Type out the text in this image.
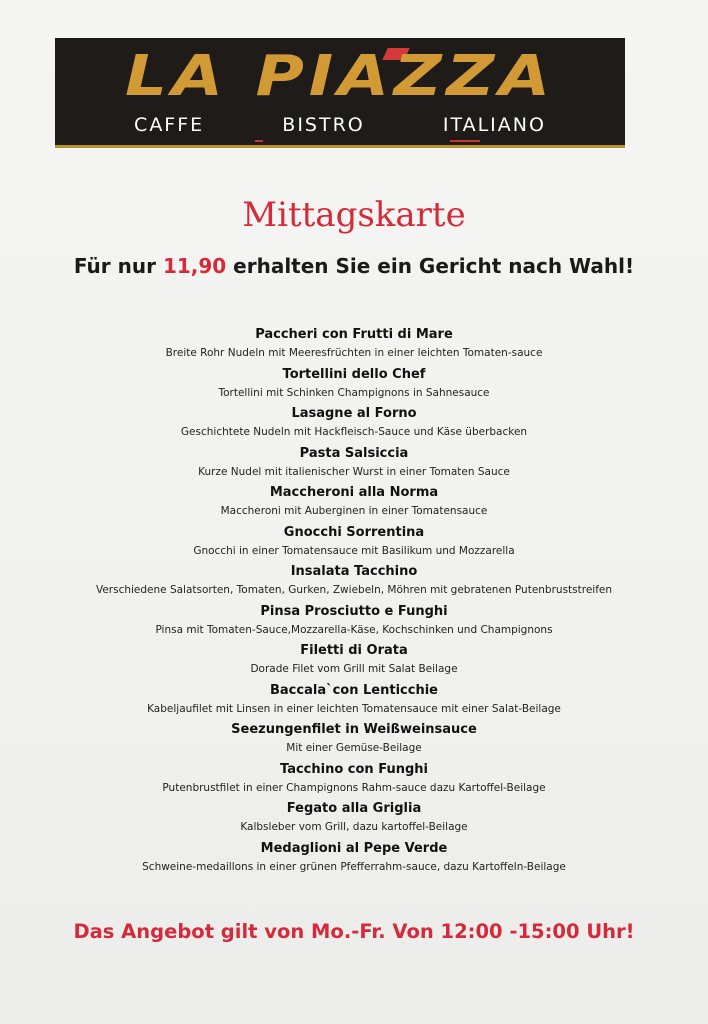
LA PIAZZA
CAFFE	BISTRO	ITALIANO
Mittagskarte
Für nur 11,90 erhalten Sie ein Gericht nach Wahl!
Paccheri con Frutti di Mare
Breite Rohr Nudeln mit Meeresfrüchten in einer leichten Tomaten-sauce
Tortellini dello Chef
Tortellini mit Schinken Champignons in Sahnesauce
Lasagne al Forno
Geschichtete Nudeln mit Hackfleisch-Sauce und Käse überbacken
Pasta Salsiccia
Kurze Nudel mit italienischer Wurst in einer Tomaten Sauce
Maccheroni alla Norma
Maccheroni mit Auberginen in einer Tomatensauce
Gnocchi Sorrentina
Gnocchi in einer Tomatensauce mit Basilikum und Mozzarella
Insalata Tacchino
Verschiedene Salatsorten, Tomaten, Gurken, Zwiebeln, Möhren mit gebratenen Putenbruststreifen
Pinsa Prosciutto e Funghi
Pinsa mit Tomaten-Sauce,Mozzarella-Käse, Kochschinken und Champignons
Filetti di Orata
Dorade Filet vom Grill mit Salat Beilage
Baccala`con Lenticchie
Kabeljaufilet mit Linsen in einer leichten Tomatensauce mit einer Salat-Beilage
Seezungenfilet in Weißweinsauce
Mit einer Gemüse-Beilage
Tacchino con Funghi
Putenbrustfilet in einer Champignons Rahm-sauce dazu Kartoffel-Beilage
Fegato alla Griglia
Kalbsleber vom Grill, dazu kartoffel-Beilage
Medaglioni al Pepe Verde
Schweine-medaillons in einer grünen Pfefferrahm-sauce, dazu Kartoffeln-Beilage
Das Angebot gilt von Mo.-Fr. Von 12:00 -15:00 Uhr!
